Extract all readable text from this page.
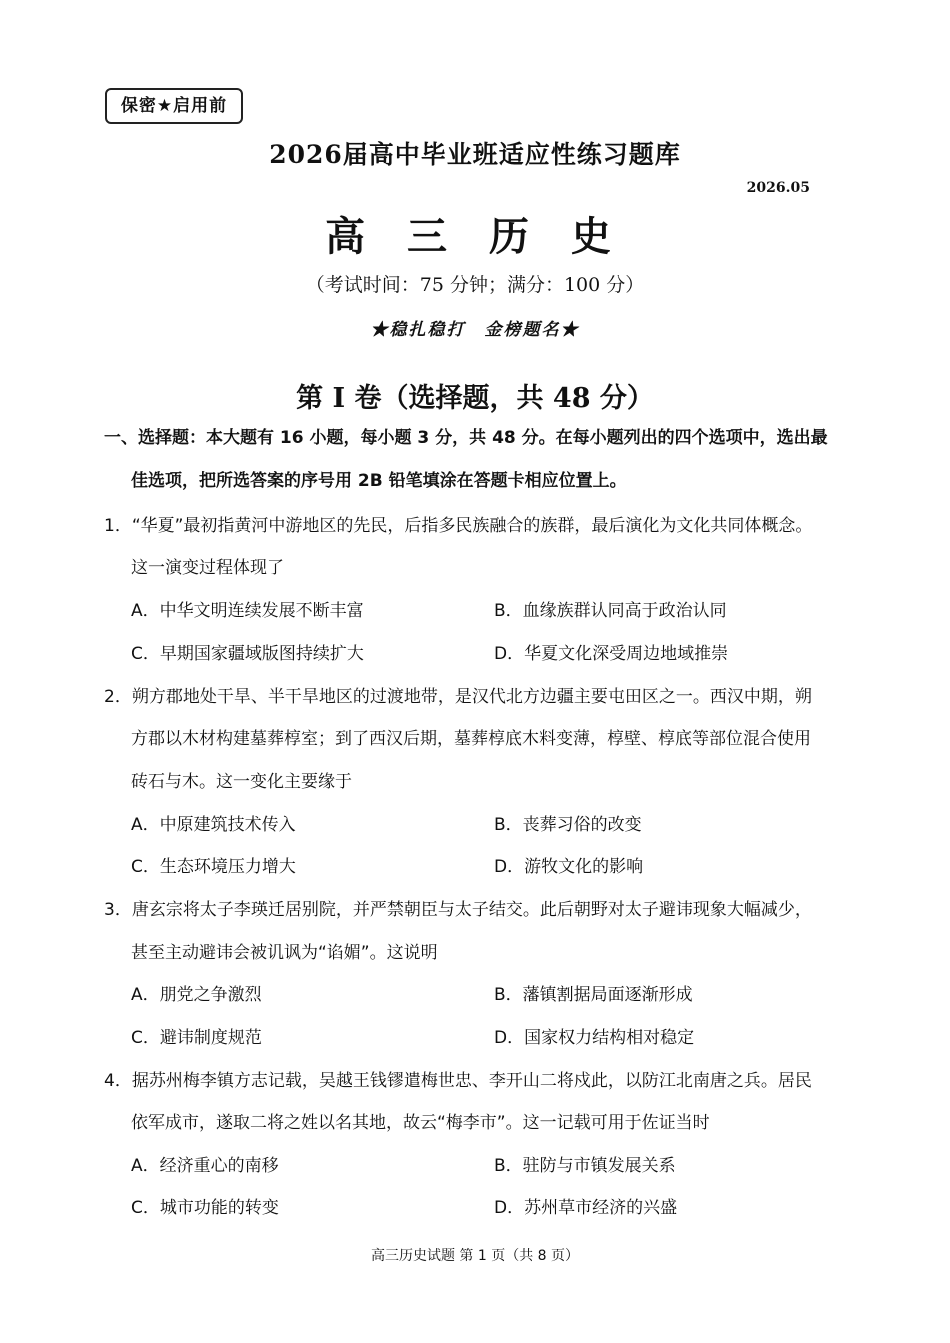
保密★启用前
2026届高中毕业班适应性练习题库
2026.05
高 三 历 史
（考试时间：75 分钟；满分：100 分）
★稳扎稳打　金榜题名★
第 I 卷（选择题，共 48 分）
一、选择题：本大题有 16 小题，每小题 3 分，共 48 分。在每小题列出的四个选项中，选出最
佳选项，把所选答案的序号用 2B 铅笔填涂在答题卡相应位置上。
1．“华夏”最初指黄河中游地区的先民，后指多民族融合的族群，最后演化为文化共同体概念。
这一演变过程体现了
A．中华文明连续发展不断丰富	B．血缘族群认同高于政治认同
C．早期国家疆域版图持续扩大	D．华夏文化深受周边地域推崇
2．朔方郡地处干旱、半干旱地区的过渡地带，是汉代北方边疆主要屯田区之一。西汉中期，朔
方郡以木材构建墓葬椁室；到了西汉后期，墓葬椁底木料变薄，椁壁、椁底等部位混合使用
砖石与木。这一变化主要缘于
A．中原建筑技术传入	B．丧葬习俗的改变
C．生态环境压力增大	D．游牧文化的影响
3．唐玄宗将太子李瑛迁居别院，并严禁朝臣与太子结交。此后朝野对太子避讳现象大幅减少，
甚至主动避讳会被讥讽为“谄媚”。这说明
A．朋党之争激烈	B．藩镇割据局面逐渐形成
C．避讳制度规范	D．国家权力结构相对稳定
4．据苏州梅李镇方志记载，吴越王钱镠遣梅世忠、李开山二将戍此，以防江北南唐之兵。居民
依军成市，遂取二将之姓以名其地，故云“梅李市”。这一记载可用于佐证当时
A．经济重心的南移	B．驻防与市镇发展关系
C．城市功能的转变	D．苏州草市经济的兴盛
高三历史试题 第 1 页（共 8 页）
